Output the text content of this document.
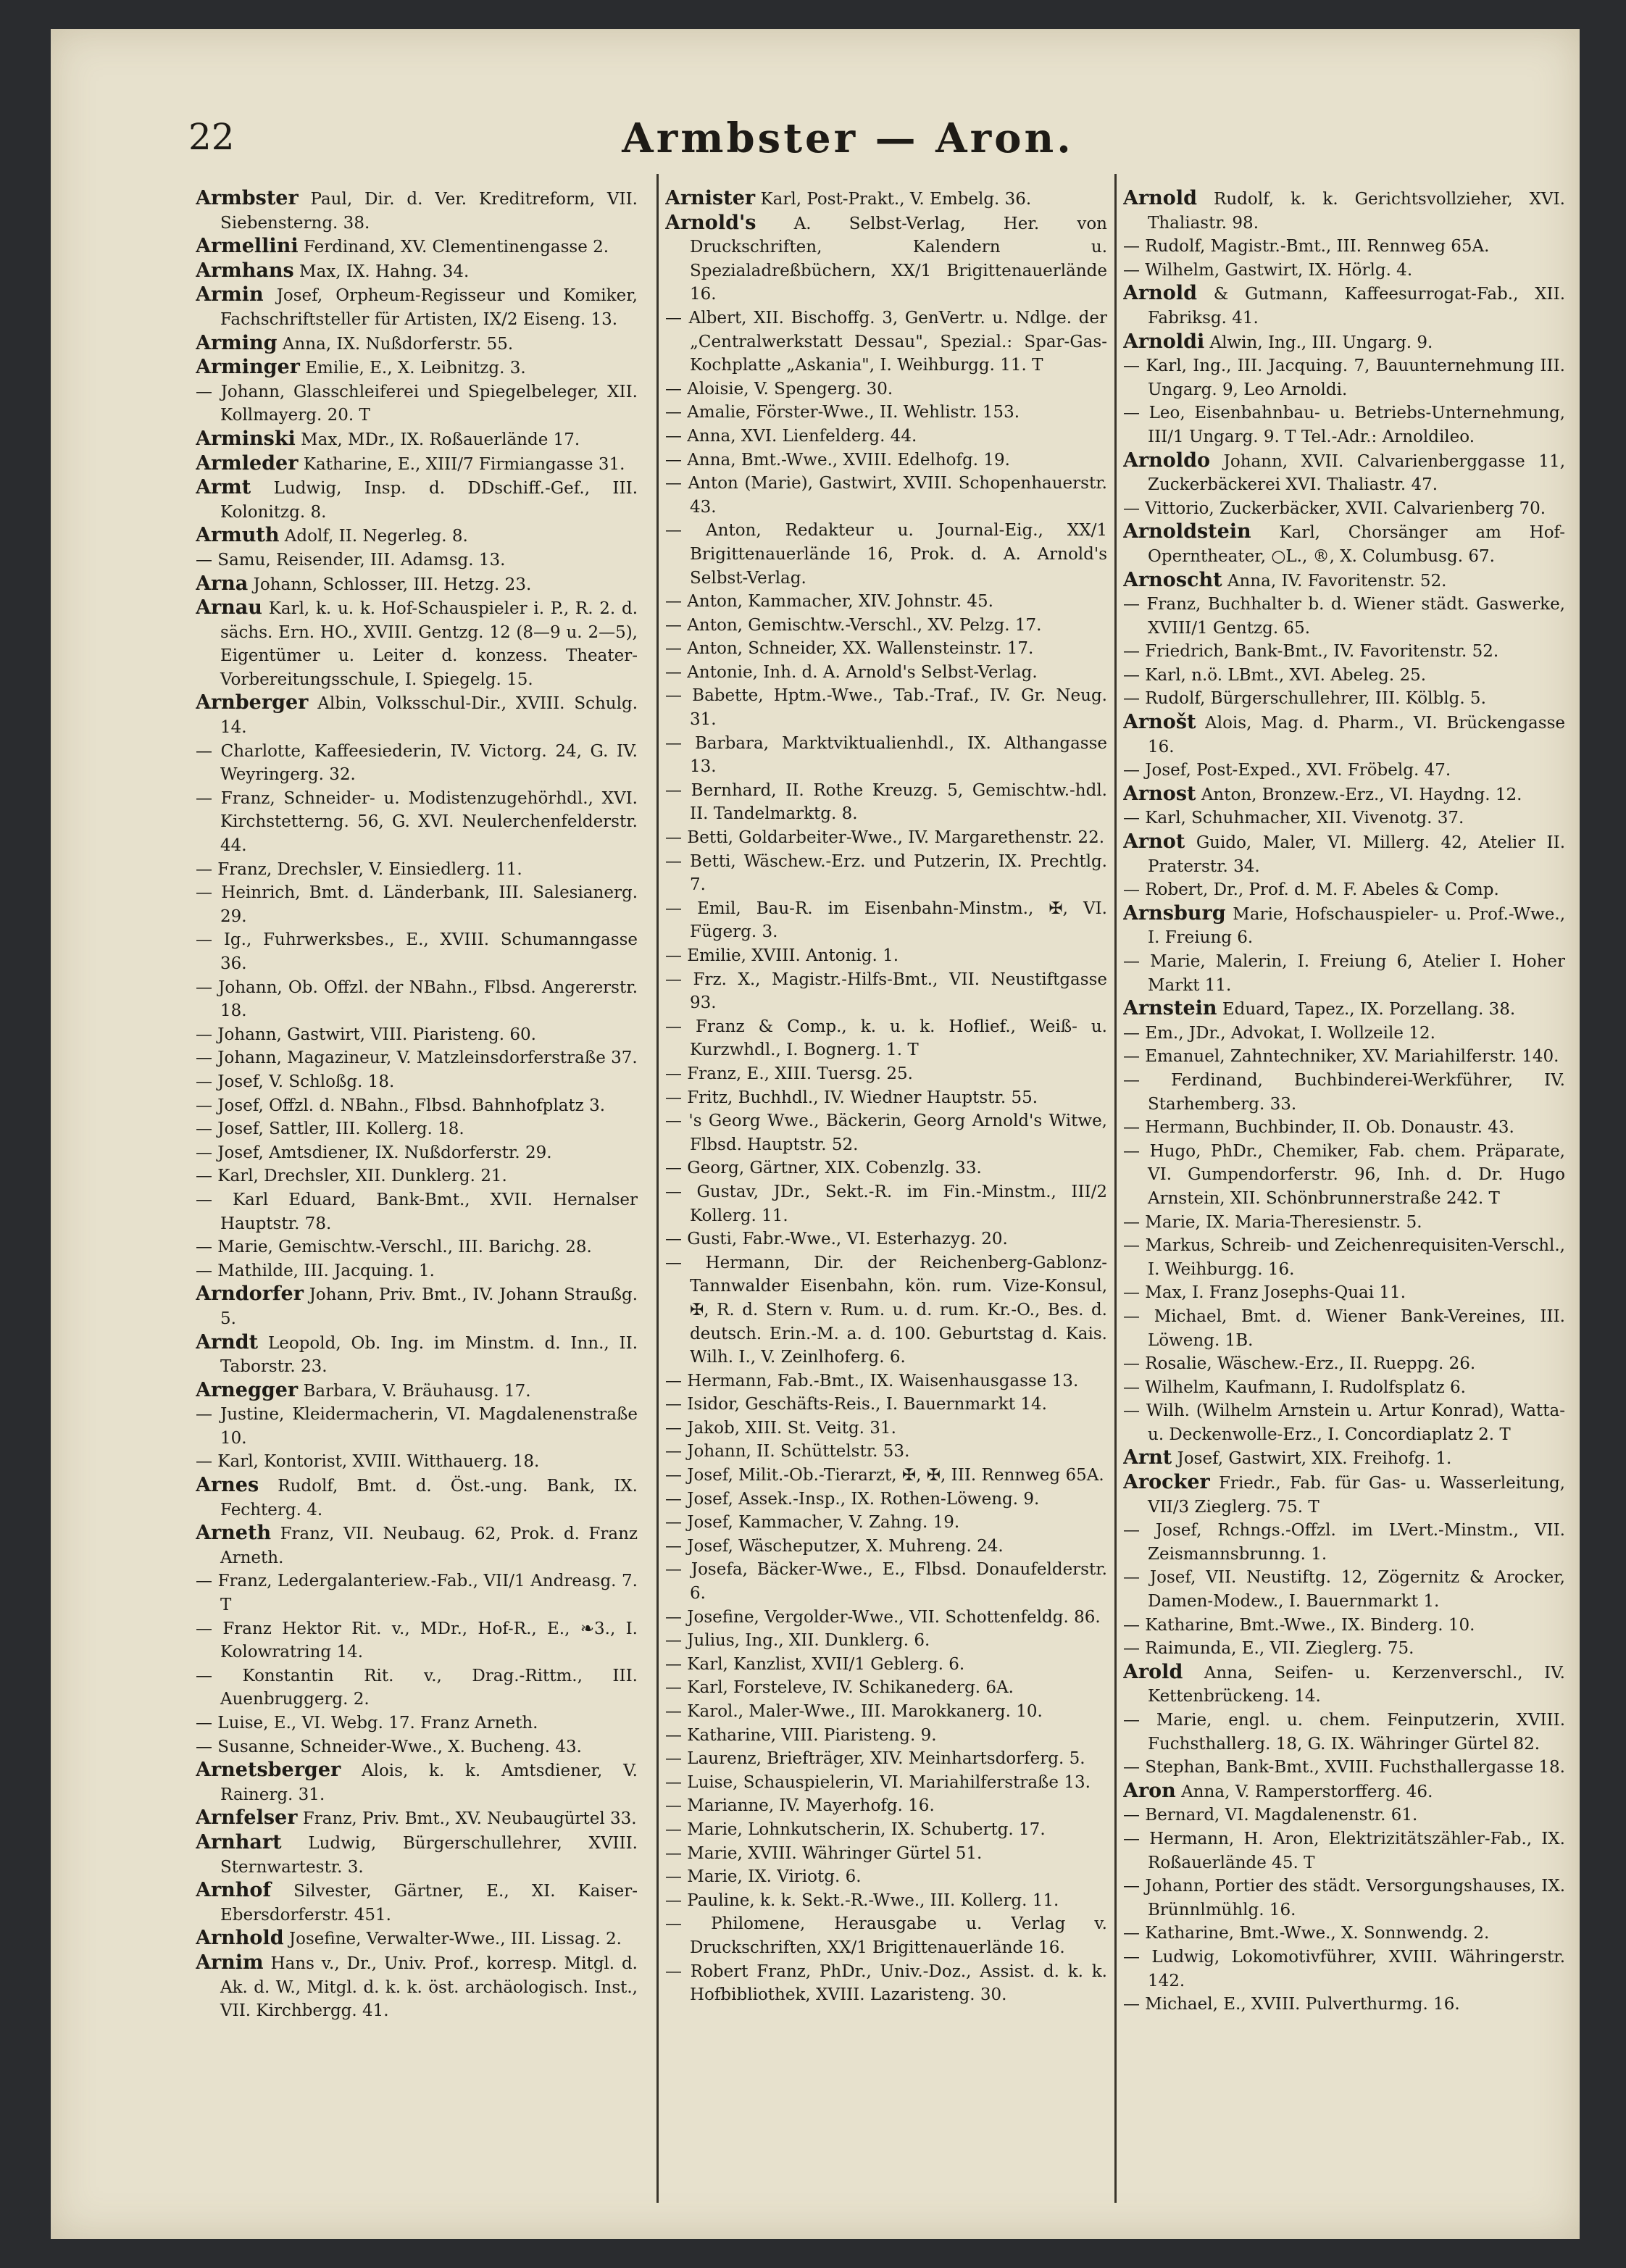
22	Armbster — Aron.
Armbster Paul, Dir. d. Ver. Kreditreform, VII. Siebensterng. 38.
Armellini Ferdinand, XV. Clementinengasse 2.
Armhans Max, IX. Hahng. 34.
Armin Josef, Orpheum-Regisseur und Komiker, Fachschriftsteller für Artisten, IX/2 Eiseng. 13.
Arming Anna, IX. Nußdorferstr. 55.
Arminger Emilie, E., X. Leibnitzg. 3.
— Johann, Glasschleiferei und Spiegelbeleger, XII. Kollmayerg. 20. T
Arminski Max, MDr., IX. Roßauerlände 17.
Armleder Katharine, E., XIII/7 Firmiangasse 31.
Armt Ludwig, Insp. d. DDschiff.-Gef., III. Kolonitzg. 8.
Armuth Adolf, II. Negerleg. 8.
— Samu, Reisender, III. Adamsg. 13.
Arna Johann, Schlosser, III. Hetzg. 23.
Arnau Karl, k. u. k. Hof-Schauspieler i. P., R. 2. d. sächs. Ern. HO., XVIII. Gentzg. 12 (8—9 u. 2—5), Eigentümer u. Leiter d. konzess. Theater-Vorbereitungsschule, I. Spiegelg. 15.
Arnberger Albin, Volksschul-Dir., XVIII. Schulg. 14.
— Charlotte, Kaffeesiederin, IV. Victorg. 24, G. IV. Weyringerg. 32.
— Franz, Schneider- u. Modistenzugehörhdl., XVI. Kirchstetterng. 56, G. XVI. Neulerchenfelderstr. 44.
— Franz, Drechsler, V. Einsiedlerg. 11.
— Heinrich, Bmt. d. Länderbank, III. Salesianerg. 29.
— Ig., Fuhrwerksbes., E., XVIII. Schumanngasse 36.
— Johann, Ob. Offzl. der NBahn., Flbsd. Angererstr. 18.
— Johann, Gastwirt, VIII. Piaristeng. 60.
— Johann, Magazineur, V. Matzleinsdorferstraße 37.
— Josef, V. Schloßg. 18.
— Josef, Offzl. d. NBahn., Flbsd. Bahnhofplatz 3.
— Josef, Sattler, III. Kollerg. 18.
— Josef, Amtsdiener, IX. Nußdorferstr. 29.
— Karl, Drechsler, XII. Dunklerg. 21.
— Karl Eduard, Bank-Bmt., XVII. Hernalser Hauptstr. 78.
— Marie, Gemischtw.-Verschl., III. Barichg. 28.
— Mathilde, III. Jacquing. 1.
Arndorfer Johann, Priv. Bmt., IV. Johann Straußg. 5.
Arndt Leopold, Ob. Ing. im Minstm. d. Inn., II. Taborstr. 23.
Arnegger Barbara, V. Bräuhausg. 17.
— Justine, Kleidermacherin, VI. Magdalenenstraße 10.
— Karl, Kontorist, XVIII. Witthauerg. 18.
Arnes Rudolf, Bmt. d. Öst.-ung. Bank, IX. Fechterg. 4.
Arneth Franz, VII. Neubaug. 62, Prok. d. Franz Arneth.
— Franz, Ledergalanteriew.-Fab., VII/1 Andreasg. 7. T
— Franz Hektor Rit. v., MDr., Hof-R., E., ❧3., I. Kolowratring 14.
— Konstantin Rit. v., Drag.-Rittm., III. Auenbruggerg. 2.
— Luise, E., VI. Webg. 17. Franz Arneth.
— Susanne, Schneider-Wwe., X. Bucheng. 43.
Arnetsberger Alois, k. k. Amtsdiener, V. Rainerg. 31.
Arnfelser Franz, Priv. Bmt., XV. Neubaugürtel 33.
Arnhart Ludwig, Bürgerschullehrer, XVIII. Sternwartestr. 3.
Arnhof Silvester, Gärtner, E., XI. Kaiser-Ebersdorferstr. 451.
Arnhold Josefine, Verwalter-Wwe., III. Lissag. 2.
Arnim Hans v., Dr., Univ. Prof., korresp. Mitgl. d. Ak. d. W., Mitgl. d. k. k. öst. archäologisch. Inst., VII. Kirchbergg. 41.
Arnister Karl, Post-Prakt., V. Embelg. 36.
Arnold's A. Selbst-Verlag, Her. von Druckschriften, Kalendern u. Spezialadreßbüchern, XX/1 Brigittenauerlände 16.
— Albert, XII. Bischoffg. 3, GenVertr. u. Ndlge. der „Centralwerkstatt Dessau", Spezial.: Spar-Gas-Kochplatte „Askania", I. Weihburgg. 11. T
— Aloisie, V. Spengerg. 30.
— Amalie, Förster-Wwe., II. Wehlistr. 153.
— Anna, XVI. Lienfelderg. 44.
— Anna, Bmt.-Wwe., XVIII. Edelhofg. 19.
— Anton (Marie), Gastwirt, XVIII. Schopenhauerstr. 43.
— Anton, Redakteur u. Journal-Eig., XX/1 Brigittenauerlände 16, Prok. d. A. Arnold's Selbst-Verlag.
— Anton, Kammacher, XIV. Johnstr. 45.
— Anton, Gemischtw.-Verschl., XV. Pelzg. 17.
— Anton, Schneider, XX. Wallensteinstr. 17.
— Antonie, Inh. d. A. Arnold's Selbst-Verlag.
— Babette, Hptm.-Wwe., Tab.-Traf., IV. Gr. Neug. 31.
— Barbara, Marktviktualienhdl., IX. Althangasse 13.
— Bernhard, II. Rothe Kreuzg. 5, Gemischtw.-hdl. II. Tandelmarktg. 8.
— Betti, Goldarbeiter-Wwe., IV. Margarethenstr. 22.
— Betti, Wäschew.-Erz. und Putzerin, IX. Prechtlg. 7.
— Emil, Bau-R. im Eisenbahn-Minstm., ✠, VI. Fügerg. 3.
— Emilie, XVIII. Antonig. 1.
— Frz. X., Magistr.-Hilfs-Bmt., VII. Neustiftgasse 93.
— Franz & Comp., k. u. k. Hoflief., Weiß- u. Kurzwhdl., I. Bognerg. 1. T
— Franz, E., XIII. Tuersg. 25.
— Fritz, Buchhdl., IV. Wiedner Hauptstr. 55.
— 's Georg Wwe., Bäckerin, Georg Arnold's Witwe, Flbsd. Hauptstr. 52.
— Georg, Gärtner, XIX. Cobenzlg. 33.
— Gustav, JDr., Sekt.-R. im Fin.-Minstm., III/2 Kollerg. 11.
— Gusti, Fabr.-Wwe., VI. Esterhazyg. 20.
— Hermann, Dir. der Reichenberg-Gablonz-Tannwalder Eisenbahn, kön. rum. Vize-Konsul, ✠, R. d. Stern v. Rum. u. d. rum. Kr.-O., Bes. d. deutsch. Erin.-M. a. d. 100. Geburtstag d. Kais. Wilh. I., V. Zeinlhoferg. 6.
— Hermann, Fab.-Bmt., IX. Waisenhausgasse 13.
— Isidor, Geschäfts-Reis., I. Bauernmarkt 14.
— Jakob, XIII. St. Veitg. 31.
— Johann, II. Schüttelstr. 53.
— Josef, Milit.-Ob.-Tierarzt, ✠, ✠, III. Rennweg 65A.
— Josef, Assek.-Insp., IX. Rothen-Löweng. 9.
— Josef, Kammacher, V. Zahng. 19.
— Josef, Wäscheputzer, X. Muhreng. 24.
— Josefa, Bäcker-Wwe., E., Flbsd. Donaufelderstr. 6.
— Josefine, Vergolder-Wwe., VII. Schottenfeldg. 86.
— Julius, Ing., XII. Dunklerg. 6.
— Karl, Kanzlist, XVII/1 Geblerg. 6.
— Karl, Forsteleve, IV. Schikanederg. 6A.
— Karol., Maler-Wwe., III. Marokkanerg. 10.
— Katharine, VIII. Piaristeng. 9.
— Laurenz, Briefträger, XIV. Meinhartsdorferg. 5.
— Luise, Schauspielerin, VI. Mariahilferstraße 13.
— Marianne, IV. Mayerhofg. 16.
— Marie, Lohnkutscherin, IX. Schubertg. 17.
— Marie, XVIII. Währinger Gürtel 51.
— Marie, IX. Viriotg. 6.
— Pauline, k. k. Sekt.-R.-Wwe., III. Kollerg. 11.
— Philomene, Herausgabe u. Verlag v. Druckschriften, XX/1 Brigittenauerlände 16.
— Robert Franz, PhDr., Univ.-Doz., Assist. d. k. k. Hofbibliothek, XVIII. Lazaristeng. 30.
Arnold Rudolf, k. k. Gerichtsvollzieher, XVI. Thaliastr. 98.
— Rudolf, Magistr.-Bmt., III. Rennweg 65A.
— Wilhelm, Gastwirt, IX. Hörlg. 4.
Arnold & Gutmann, Kaffeesurrogat-Fab., XII. Fabriksg. 41.
Arnoldi Alwin, Ing., III. Ungarg. 9.
— Karl, Ing., III. Jacquing. 7, Bauunternehmung III. Ungarg. 9, Leo Arnoldi.
— Leo, Eisenbahnbau- u. Betriebs-Unternehmung, III/1 Ungarg. 9. T Tel.-Adr.: Arnoldileo.
Arnoldo Johann, XVII. Calvarienberggasse 11, Zuckerbäckerei XVI. Thaliastr. 47.
— Vittorio, Zuckerbäcker, XVII. Calvarienberg 70.
Arnoldstein Karl, Chorsänger am Hof-Operntheater, ○L., ®, X. Columbusg. 67.
Arnoscht Anna, IV. Favoritenstr. 52.
— Franz, Buchhalter b. d. Wiener städt. Gaswerke, XVIII/1 Gentzg. 65.
— Friedrich, Bank-Bmt., IV. Favoritenstr. 52.
— Karl, n.ö. LBmt., XVI. Abeleg. 25.
— Rudolf, Bürgerschullehrer, III. Kölblg. 5.
Arnošt Alois, Mag. d. Pharm., VI. Brückengasse 16.
— Josef, Post-Exped., XVI. Fröbelg. 47.
Arnost Anton, Bronzew.-Erz., VI. Haydng. 12.
— Karl, Schuhmacher, XII. Vivenotg. 37.
Arnot Guido, Maler, VI. Millerg. 42, Atelier II. Praterstr. 34.
— Robert, Dr., Prof. d. M. F. Abeles & Comp.
Arnsburg Marie, Hofschauspieler- u. Prof.-Wwe., I. Freiung 6.
— Marie, Malerin, I. Freiung 6, Atelier I. Hoher Markt 11.
Arnstein Eduard, Tapez., IX. Porzellang. 38.
— Em., JDr., Advokat, I. Wollzeile 12.
— Emanuel, Zahntechniker, XV. Mariahilferstr. 140.
— Ferdinand, Buchbinderei-Werkführer, IV. Starhemberg. 33.
— Hermann, Buchbinder, II. Ob. Donaustr. 43.
— Hugo, PhDr., Chemiker, Fab. chem. Präparate, VI. Gumpendorferstr. 96, Inh. d. Dr. Hugo Arnstein, XII. Schönbrunnerstraße 242. T
— Marie, IX. Maria-Theresienstr. 5.
— Markus, Schreib- und Zeichenrequisiten-Verschl., I. Weihburgg. 16.
— Max, I. Franz Josephs-Quai 11.
— Michael, Bmt. d. Wiener Bank-Vereines, III. Löweng. 1B.
— Rosalie, Wäschew.-Erz., II. Rueppg. 26.
— Wilhelm, Kaufmann, I. Rudolfsplatz 6.
— Wilh. (Wilhelm Arnstein u. Artur Konrad), Watta- u. Deckenwolle-Erz., I. Concordiaplatz 2. T
Arnt Josef, Gastwirt, XIX. Freihofg. 1.
Arocker Friedr., Fab. für Gas- u. Wasserleitung, VII/3 Zieglerg. 75. T
— Josef, Rchngs.-Offzl. im LVert.-Minstm., VII. Zeismannsbrunng. 1.
— Josef, VII. Neustiftg. 12, Zögernitz & Arocker, Damen-Modew., I. Bauernmarkt 1.
— Katharine, Bmt.-Wwe., IX. Binderg. 10.
— Raimunda, E., VII. Zieglerg. 75.
Arold Anna, Seifen- u. Kerzenverschl., IV. Kettenbrückeng. 14.
— Marie, engl. u. chem. Feinputzerin, XVIII. Fuchsthallerg. 18, G. IX. Währinger Gürtel 82.
— Stephan, Bank-Bmt., XVIII. Fuchsthallergasse 18.
Aron Anna, V. Ramperstorfferg. 46.
— Bernard, VI. Magdalenenstr. 61.
— Hermann, H. Aron, Elektrizitätszähler-Fab., IX. Roßauerlände 45. T
— Johann, Portier des städt. Versorgungshauses, IX. Brünnlmühlg. 16.
— Katharine, Bmt.-Wwe., X. Sonnwendg. 2.
— Ludwig, Lokomotivführer, XVIII. Währingerstr. 142.
— Michael, E., XVIII. Pulverthurmg. 16.
